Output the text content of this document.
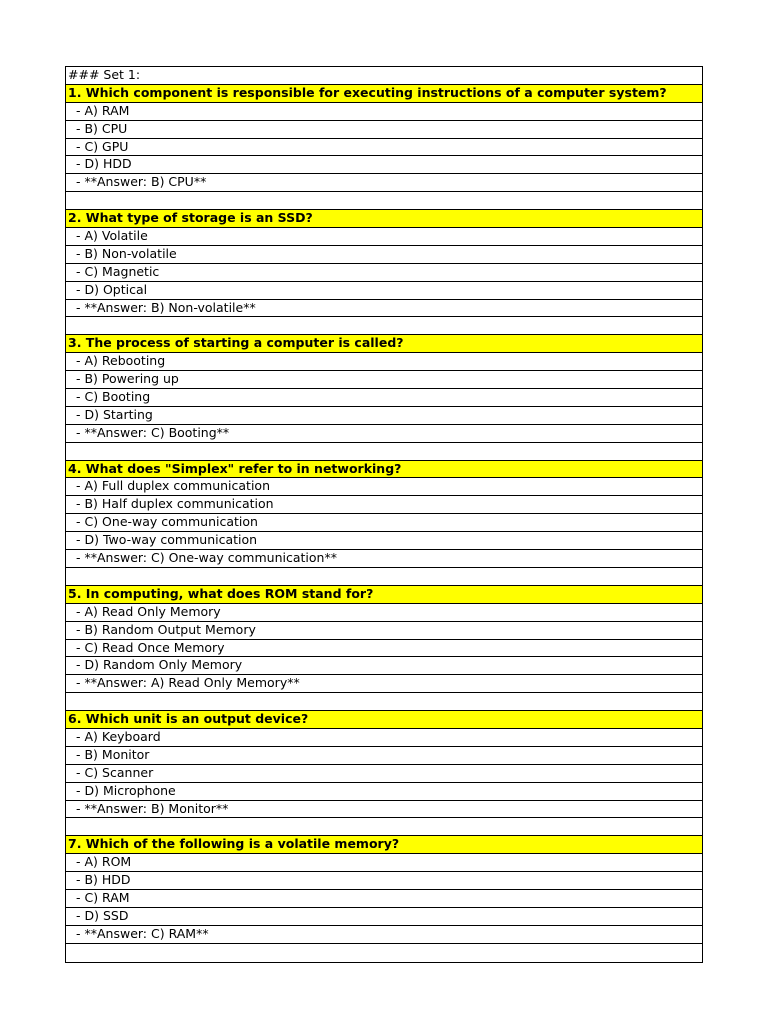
### Set 1:
1. Which component is responsible for executing instructions of a computer system?
- A) RAM
- B) CPU
- C) GPU
- D) HDD
- **Answer: B) CPU**
2. What type of storage is an SSD?
- A) Volatile
- B) Non-volatile
- C) Magnetic
- D) Optical
- **Answer: B) Non-volatile**
3. The process of starting a computer is called?
- A) Rebooting
- B) Powering up
- C) Booting
- D) Starting
- **Answer: C) Booting**
4. What does "Simplex" refer to in networking?
- A) Full duplex communication
- B) Half duplex communication
- C) One-way communication
- D) Two-way communication
- **Answer: C) One-way communication**
5. In computing, what does ROM stand for?
- A) Read Only Memory
- B) Random Output Memory
- C) Read Once Memory
- D) Random Only Memory
- **Answer: A) Read Only Memory**
6. Which unit is an output device?
- A) Keyboard
- B) Monitor
- C) Scanner
- D) Microphone
- **Answer: B) Monitor**
7. Which of the following is a volatile memory?
- A) ROM
- B) HDD
- C) RAM
- D) SSD
- **Answer: C) RAM**
